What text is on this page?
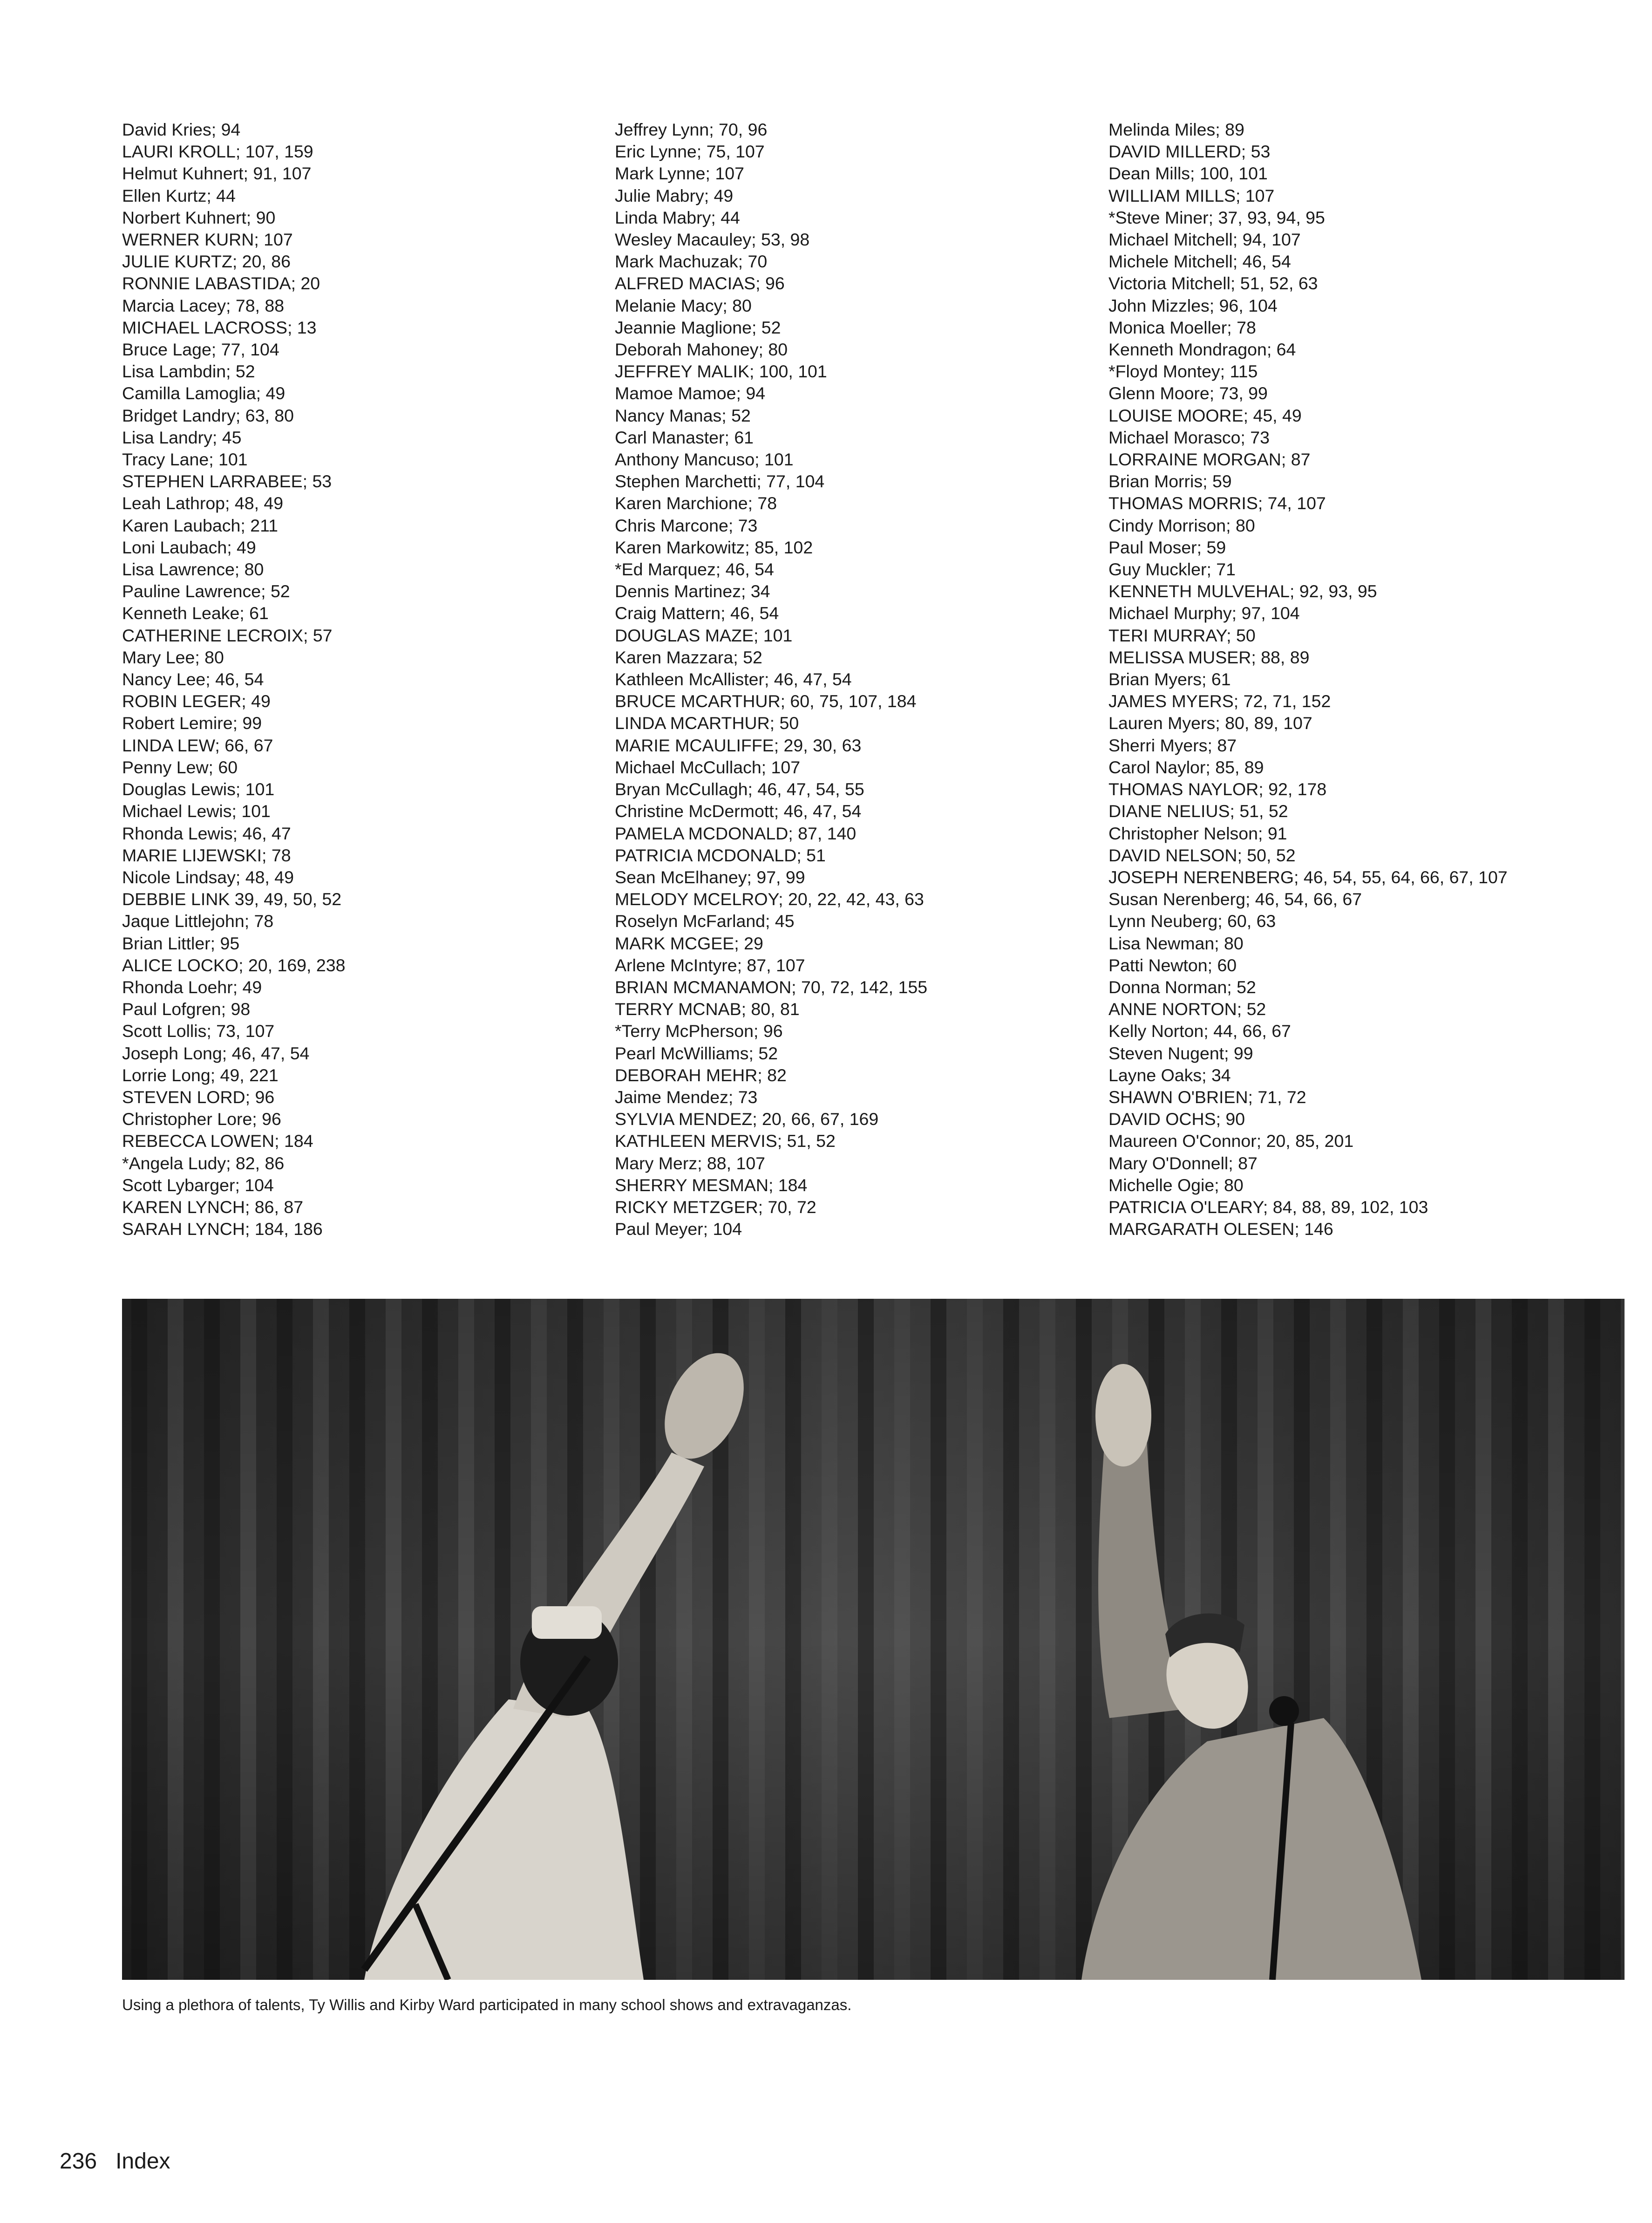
David Kries; 94
LAURI KROLL; 107, 159
Helmut Kuhnert; 91, 107
Ellen Kurtz; 44
Norbert Kuhnert; 90
WERNER KURN; 107
JULIE KURTZ; 20, 86
RONNIE LABASTIDA; 20
Marcia Lacey; 78, 88
MICHAEL LACROSS; 13
Bruce Lage; 77, 104
Lisa Lambdin; 52
Camilla Lamoglia; 49
Bridget Landry; 63, 80
Lisa Landry; 45
Tracy Lane; 101
STEPHEN LARRABEE; 53
Leah Lathrop; 48, 49
Karen Laubach; 211
Loni Laubach; 49
Lisa Lawrence; 80
Pauline Lawrence; 52
Kenneth Leake; 61
CATHERINE LECROIX; 57
Mary Lee; 80
Nancy Lee; 46, 54
ROBIN LEGER; 49
Robert Lemire; 99
LINDA LEW; 66, 67
Penny Lew; 60
Douglas Lewis; 101
Michael Lewis; 101
Rhonda Lewis; 46, 47
MARIE LIJEWSKI; 78
Nicole Lindsay; 48, 49
DEBBIE LINK 39, 49, 50, 52
Jaque Littlejohn; 78
Brian Littler; 95
ALICE LOCKO; 20, 169, 238
Rhonda Loehr; 49
Paul Lofgren; 98
Scott Lollis; 73, 107
Joseph Long; 46, 47, 54
Lorrie Long; 49, 221
STEVEN LORD; 96
Christopher Lore; 96
REBECCA LOWEN; 184
*Angela Ludy; 82, 86
Scott Lybarger; 104
KAREN LYNCH; 86, 87
SARAH LYNCH; 184, 186
Jeffrey Lynn; 70, 96
Eric Lynne; 75, 107
Mark Lynne; 107
Julie Mabry; 49
Linda Mabry; 44
Wesley Macauley; 53, 98
Mark Machuzak; 70
ALFRED MACIAS; 96
Melanie Macy; 80
Jeannie Maglione; 52
Deborah Mahoney; 80
JEFFREY MALIK; 100, 101
Mamoe Mamoe; 94
Nancy Manas; 52
Carl Manaster; 61
Anthony Mancuso; 101
Stephen Marchetti; 77, 104
Karen Marchione; 78
Chris Marcone; 73
Karen Markowitz; 85, 102
*Ed Marquez; 46, 54
Dennis Martinez; 34
Craig Mattern; 46, 54
DOUGLAS MAZE; 101
Karen Mazzara; 52
Kathleen McAllister; 46, 47, 54
BRUCE MCARTHUR; 60, 75, 107, 184
LINDA MCARTHUR; 50
MARIE MCAULIFFE; 29, 30, 63
Michael McCullach; 107
Bryan McCullagh; 46, 47, 54, 55
Christine McDermott; 46, 47, 54
PAMELA MCDONALD; 87, 140
PATRICIA MCDONALD; 51
Sean McElhaney; 97, 99
MELODY MCELROY; 20, 22, 42, 43, 63
Roselyn McFarland; 45
MARK MCGEE; 29
Arlene McIntyre; 87, 107
BRIAN MCMANAMON; 70, 72, 142, 155
TERRY MCNAB; 80, 81
*Terry McPherson; 96
Pearl McWilliams; 52
DEBORAH MEHR; 82
Jaime Mendez; 73
SYLVIA MENDEZ; 20, 66, 67, 169
KATHLEEN MERVIS; 51, 52
Mary Merz; 88, 107
SHERRY MESMAN; 184
RICKY METZGER; 70, 72
Paul Meyer; 104
Melinda Miles; 89
DAVID MILLERD; 53
Dean Mills; 100, 101
WILLIAM MILLS; 107
*Steve Miner; 37, 93, 94, 95
Michael Mitchell; 94, 107
Michele Mitchell; 46, 54
Victoria Mitchell; 51, 52, 63
John Mizzles; 96, 104
Monica Moeller; 78
Kenneth Mondragon; 64
*Floyd Montey; 115
Glenn Moore; 73, 99
LOUISE MOORE; 45, 49
Michael Morasco; 73
LORRAINE MORGAN; 87
Brian Morris; 59
THOMAS MORRIS; 74, 107
Cindy Morrison; 80
Paul Moser; 59
Guy Muckler; 71
KENNETH MULVEHAL; 92, 93, 95
Michael Murphy; 97, 104
TERI MURRAY; 50
MELISSA MUSER; 88, 89
Brian Myers; 61
JAMES MYERS; 72, 71, 152
Lauren Myers; 80, 89, 107
Sherri Myers; 87
Carol Naylor; 85, 89
THOMAS NAYLOR; 92, 178
DIANE NELIUS; 51, 52
Christopher Nelson; 91
DAVID NELSON; 50, 52
JOSEPH NERENBERG; 46, 54, 55, 64, 66, 67, 107
Susan Nerenberg; 46, 54, 66, 67
Lynn Neuberg; 60, 63
Lisa Newman; 80
Patti Newton; 60
Donna Norman; 52
ANNE NORTON; 52
Kelly Norton; 44, 66, 67
Steven Nugent; 99
Layne Oaks; 34
SHAWN O'BRIEN; 71, 72
DAVID OCHS; 90
Maureen O'Connor; 20, 85, 201
Mary O'Donnell; 87
Michelle Ogie; 80
PATRICIA O'LEARY; 84, 88, 89, 102, 103
MARGARATH OLESEN; 146
Using a plethora of talents, Ty Willis and Kirby Ward participated in many school shows and extravaganzas.
236 Index
